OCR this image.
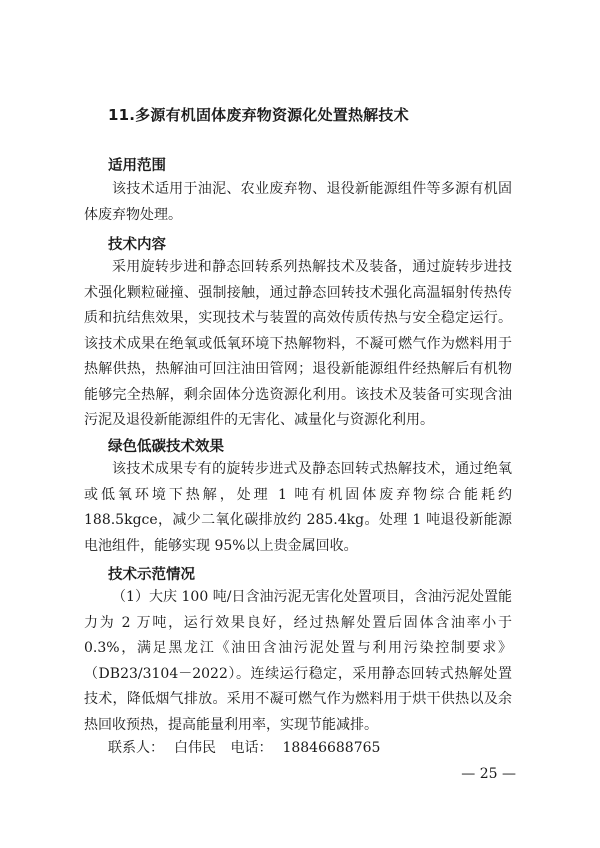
11.多源有机固体废弃物资源化处置热解技术
适用范围
该技术适用于油泥、农业废弃物、退役新能源组件等多源有机固体废弃物处理。
技术内容
采用旋转步进和静态回转系列热解技术及装备，通过旋转步进技术强化颗粒碰撞、强制接触，通过静态回转技术强化高温辐射传热传质和抗结焦效果，实现技术与装置的高效传质传热与安全稳定运行。该技术成果在绝氧或低氧环境下热解物料，不凝可燃气作为燃料用于热解供热，热解油可回注油田管网；退役新能源组件经热解后有机物能够完全热解，剩余固体分选资源化利用。该技术及装备可实现含油污泥及退役新能源组件的无害化、减量化与资源化利用。
绿色低碳技术效果
该技术成果专有的旋转步进式及静态回转式热解技术，通过绝氧或低氧环境下热解，处理 1 吨有机固体废弃物综合能耗约 188.5kgce，减少二氧化碳排放约 285.4kg。处理 1 吨退役新能源电池组件，能够实现 95%以上贵金属回收。
技术示范情况
（1）大庆 100 吨/日含油污泥无害化处置项目，含油污泥处置能力为 2 万吨，运行效果良好，经过热解处置后固体含油率小于 0.3%，满足黑龙江《油田含油污泥处置与利用污染控制要求》（DB23/3104－2022）。连续运行稳定，采用静态回转式热解处置技术，降低烟气排放。采用不凝可燃气作为燃料用于烘干供热以及余热回收预热，提高能量利用率，实现节能减排。
联系人： 白伟民 电话： 18846688765
— 25 —
